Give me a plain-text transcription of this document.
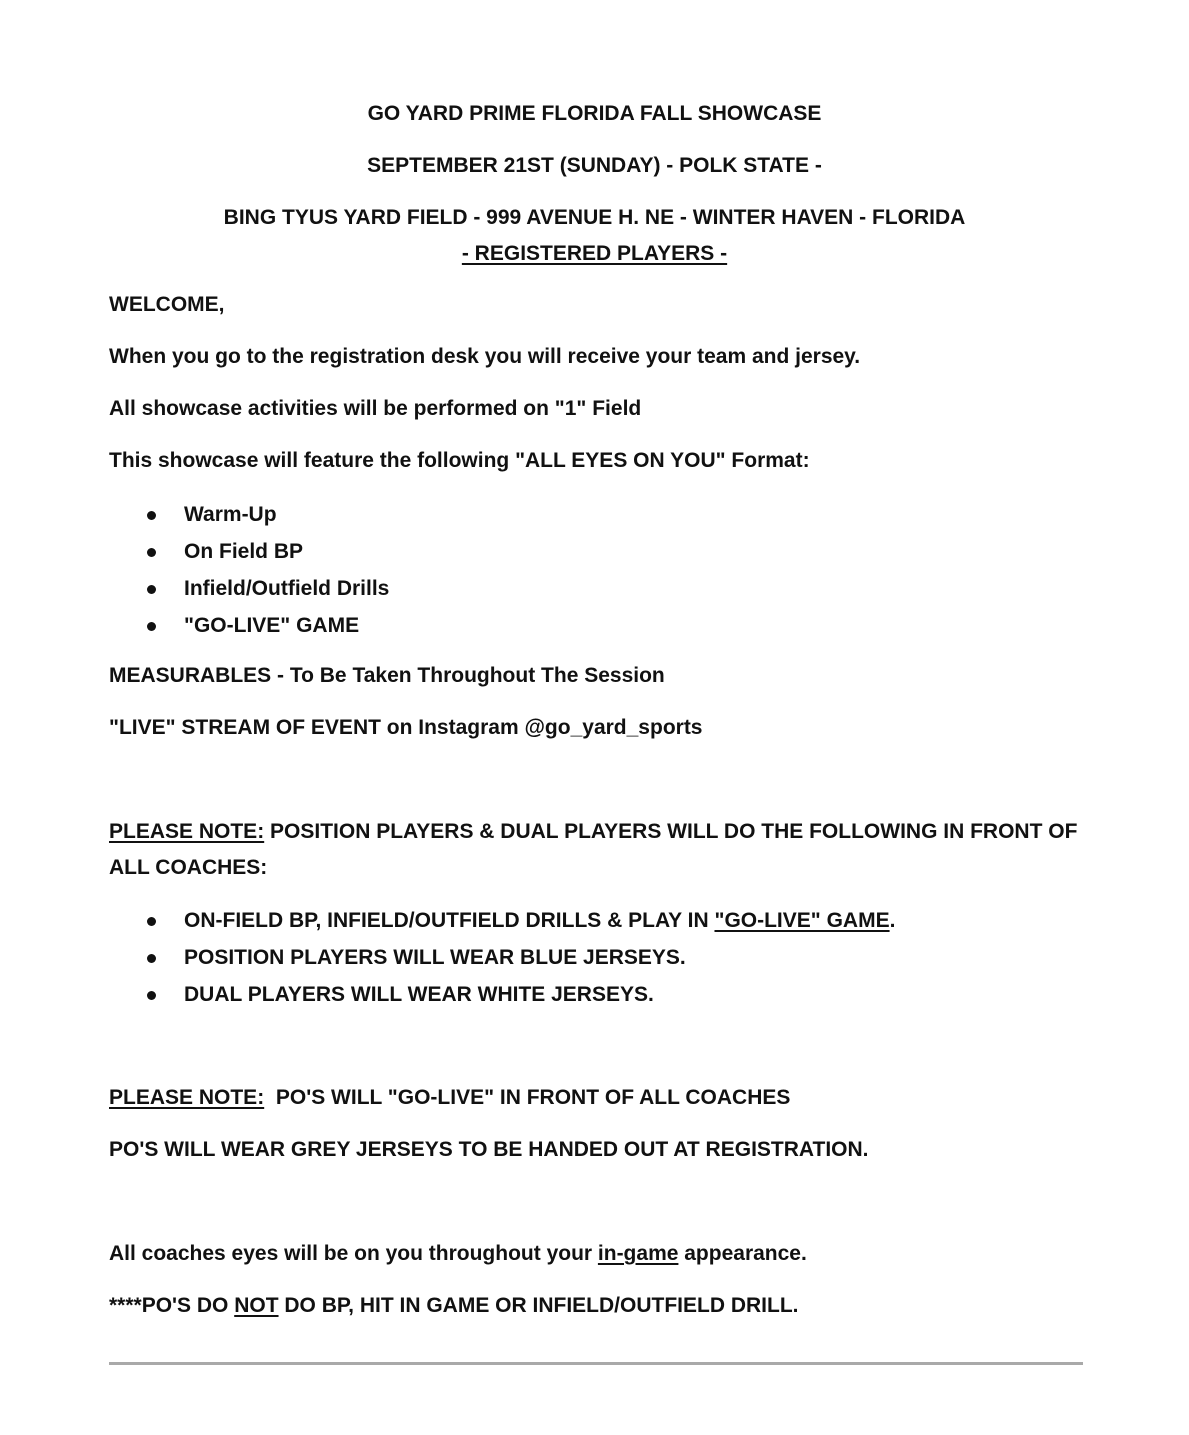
GO YARD PRIME FLORIDA FALL SHOWCASE
SEPTEMBER 21ST (SUNDAY) - POLK STATE -
BING TYUS YARD FIELD - 999 AVENUE H. NE - WINTER HAVEN - FLORIDA
- REGISTERED PLAYERS -
WELCOME,
When you go to the registration desk you will receive your team and jersey.
All showcase activities will be performed on "1" Field
This showcase will feature the following "ALL EYES ON YOU" Format:
Warm-Up
On Field BP
Infield/Outfield Drills
"GO-LIVE" GAME
MEASURABLES - To Be Taken Throughout The Session
"LIVE" STREAM OF EVENT on Instagram @go_yard_sports
PLEASE NOTE: POSITION PLAYERS & DUAL PLAYERS WILL DO THE FOLLOWING IN FRONT OF
ALL COACHES:
ON-FIELD BP, INFIELD/OUTFIELD DRILLS & PLAY IN "GO-LIVE" GAME.
POSITION PLAYERS WILL WEAR BLUE JERSEYS.
DUAL PLAYERS WILL WEAR WHITE JERSEYS.
PLEASE NOTE:  PO'S WILL "GO-LIVE" IN FRONT OF ALL COACHES
PO'S WILL WEAR GREY JERSEYS TO BE HANDED OUT AT REGISTRATION.
All coaches eyes will be on you throughout your in-game appearance.
****PO'S DO NOT DO BP, HIT IN GAME OR INFIELD/OUTFIELD DRILL.
